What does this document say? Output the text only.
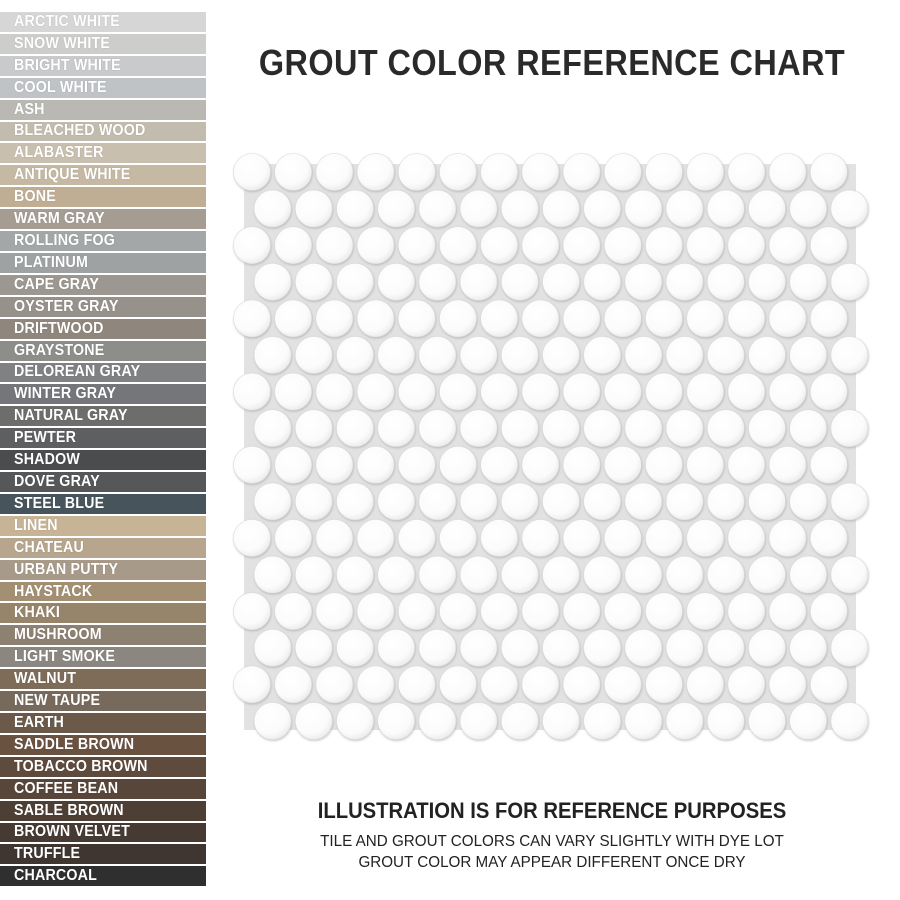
ARCTIC WHITE
SNOW WHITE
BRIGHT WHITE
COOL WHITE
ASH
BLEACHED WOOD
ALABASTER
ANTIQUE WHITE
BONE
WARM GRAY
ROLLING FOG
PLATINUM
CAPE GRAY
OYSTER GRAY
DRIFTWOOD
GRAYSTONE
DELOREAN GRAY
WINTER GRAY
NATURAL GRAY
PEWTER
SHADOW
DOVE GRAY
STEEL BLUE
LINEN
CHATEAU
URBAN PUTTY
HAYSTACK
KHAKI
MUSHROOM
LIGHT SMOKE
WALNUT
NEW TAUPE
EARTH
SADDLE BROWN
TOBACCO BROWN
COFFEE BEAN
SABLE BROWN
BROWN VELVET
TRUFFLE
CHARCOAL
GROUT COLOR REFERENCE CHART
ILLUSTRATION IS FOR REFERENCE PURPOSES
TILE AND GROUT COLORS CAN VARY SLIGHTLY WITH DYE LOT
GROUT COLOR MAY APPEAR DIFFERENT ONCE DRY
